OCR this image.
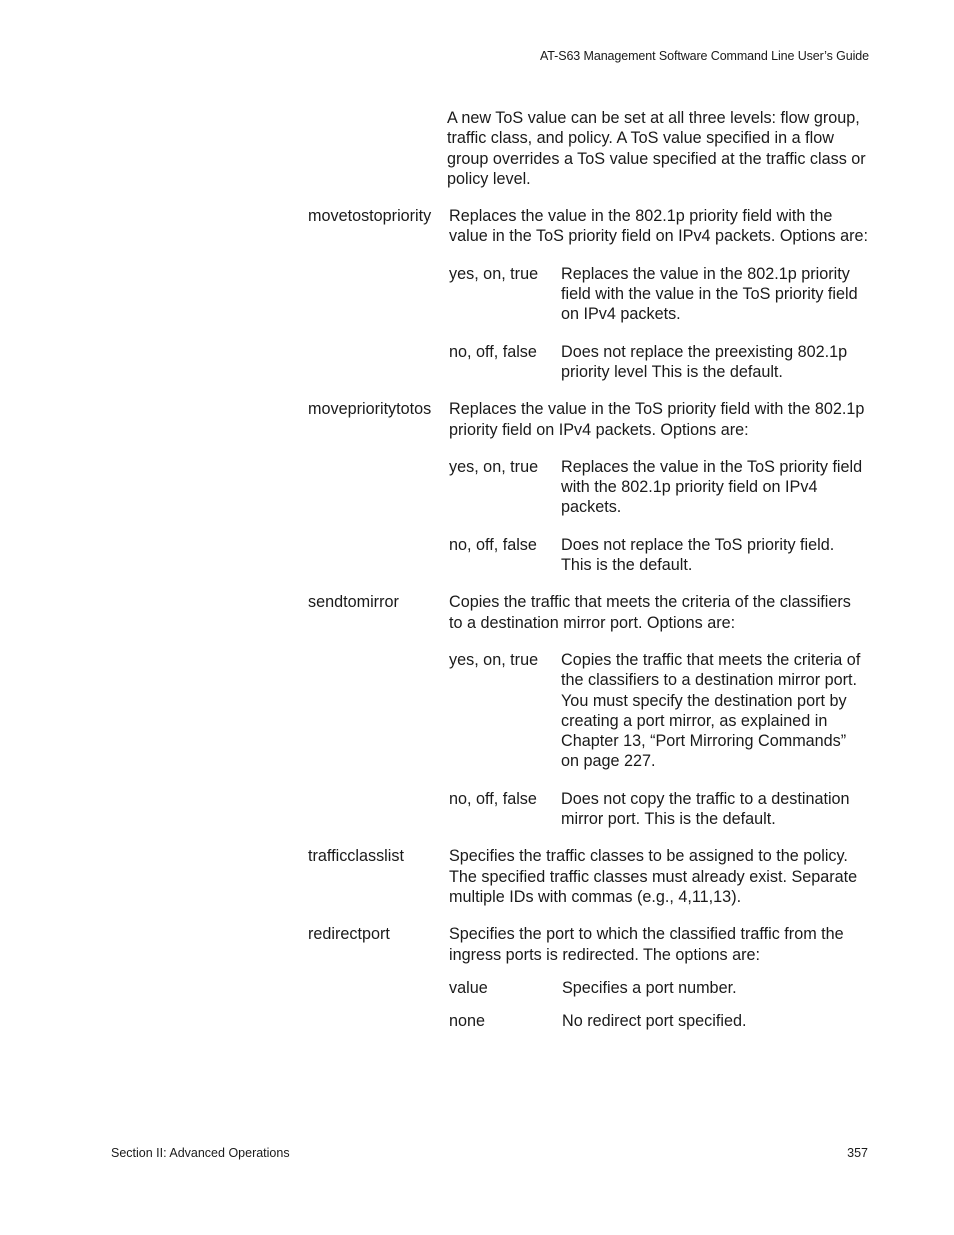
AT-S63 Management Software Command Line User’s Guide
A new ToS value can be set at all three levels: flow group, traffic class, and policy. A ToS value specified in a flow group overrides a ToS value specified at the traffic class or policy level.
movetostopriority	Replaces the value in the 802.1p priority field with the value in the ToS priority field on IPv4 packets. Options are:
yes, on, true	Replaces the value in the 802.1p priority field with the value in the ToS priority field on IPv4 packets.
no, off, false	Does not replace the preexisting 802.1p priority level This is the default.
moveprioritytotos	Replaces the value in the ToS priority field with the 802.1p priority field on IPv4 packets. Options are:
yes, on, true	Replaces the value in the ToS priority field with the 802.1p priority field on IPv4 packets.
no, off, false	Does not replace the ToS priority field. This is the default.
sendtomirror	Copies the traffic that meets the criteria of the classifiers to a destination mirror port. Options are:
yes, on, true	Copies the traffic that meets the criteria of the classifiers to a destination mirror port. You must specify the destination port by creating a port mirror, as explained in Chapter 13, “Port Mirroring Commands” on page 227.
no, off, false	Does not copy the traffic to a destination mirror port. This is the default.
trafficclasslist	Specifies the traffic classes to be assigned to the policy. The specified traffic classes must already exist. Separate multiple IDs with commas (e.g., 4,11,13).
redirectport	Specifies the port to which the classified traffic from the ingress ports is redirected. The options are:
value	Specifies a port number.
none	No redirect port specified.
Section II: Advanced Operations	357
